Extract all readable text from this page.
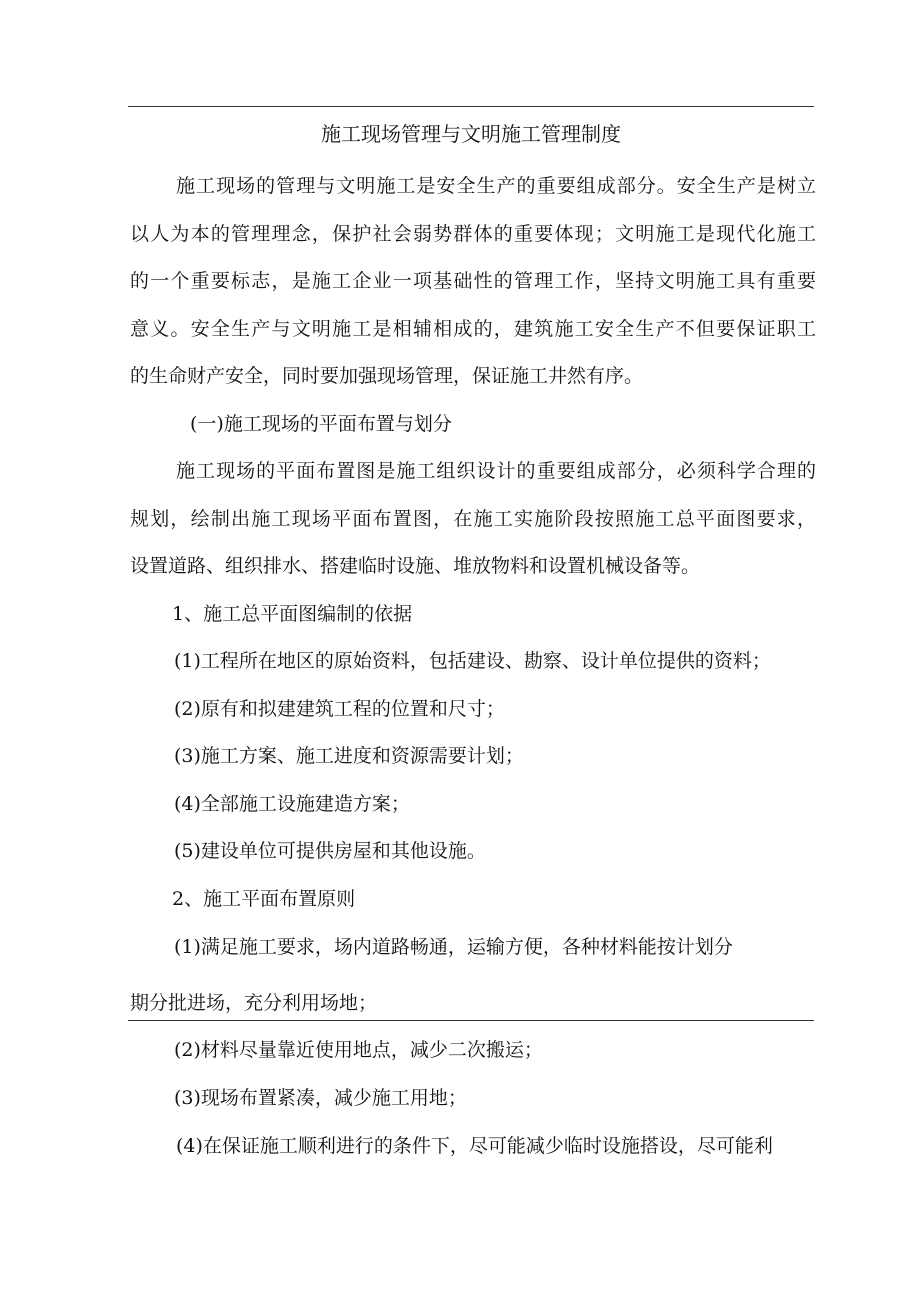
施工现场管理与文明施工管理制度
施工现场的管理与文明施工是安全生产的重要组成部分。安全生产是树立
以人为本的管理理念，保护社会弱势群体的重要体现；文明施工是现代化施工
的一个重要标志，是施工企业一项基础性的管理工作，坚持文明施工具有重要
意义。安全生产与文明施工是相辅相成的，建筑施工安全生产不但要保证职工
的生命财产安全，同时要加强现场管理，保证施工井然有序。
(一)施工现场的平面布置与划分
施工现场的平面布置图是施工组织设计的重要组成部分，必须科学合理的
规划，绘制出施工现场平面布置图，在施工实施阶段按照施工总平面图要求，
设置道路、组织排水、搭建临时设施、堆放物料和设置机械设备等。
1、施工总平面图编制的依据
(1)工程所在地区的原始资料，包括建设、勘察、设计单位提供的资料；
(2)原有和拟建建筑工程的位置和尺寸；
(3)施工方案、施工进度和资源需要计划；
(4)全部施工设施建造方案；
(5)建设单位可提供房屋和其他设施。
2、施工平面布置原则
(1)满足施工要求，场内道路畅通，运输方便，各种材料能按计划分
期分批进场，充分利用场地；
(2)材料尽量靠近使用地点，减少二次搬运；
(3)现场布置紧凑，减少施工用地；
(4)在保证施工顺利进行的条件下，尽可能减少临时设施搭设，尽可能利
